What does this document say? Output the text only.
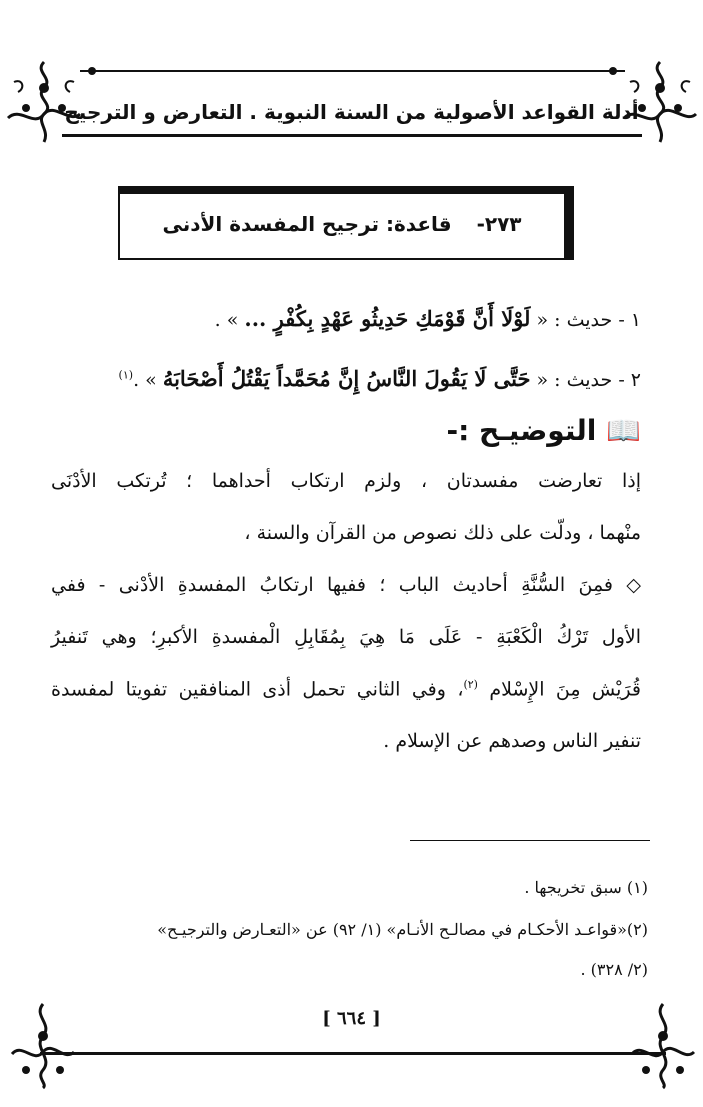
أدلة القواعد الأصولية من السنة النبوية . التعارض و الترجيح
٢٧٣- قاعدة: ترجيح المفسدة الأدنى
١ - حديث : « لَوْلَا أَنَّ قَوْمَكِ حَدِيثُو عَهْدٍ بِكُفْرٍ ... » .
٢ - حديث : « حَتَّى لَا يَقُولَ النَّاسُ إِنَّ مُحَمَّداً يَقْتُلُ أَصْحَابَهُ » .$^{(١)}$
📖 التوضيـح :-
إذا تعارضت مفسدتان ، ولزم ارتكاب أحداهما ؛ تُرتكب الأدْنَى
منْهما ، ودلّت على ذلك نصوص من القرآن والسنة ،
◇ فمِنَ السُّنَّةِ أحاديث الباب ؛ ففيها ارتكابُ المفسدةِ الأدْنى - ففي
الأول تَرْكُ الْكَعْبَةِ - عَلَى مَا هِيَ بِمُقَابِلِ الْمفسدةِ الأكبرِ؛ وهي تَنفيرُ
قُرَيْش مِنَ الإِسْلام $^{(٢)}$، وفي الثاني تحمل أذى المنافقين تفويتا لمفسدة
تنفير الناس وصدهم عن الإسلام .
(١) سبق تخريجها .
(٢)«قواعـد الأحكـام في مصالـح الأنـام» (١/ ٩٢) عن «التعـارض والترجيـح»
(٢/ ٣٢٨) .
[ ٦٦٤ ]
